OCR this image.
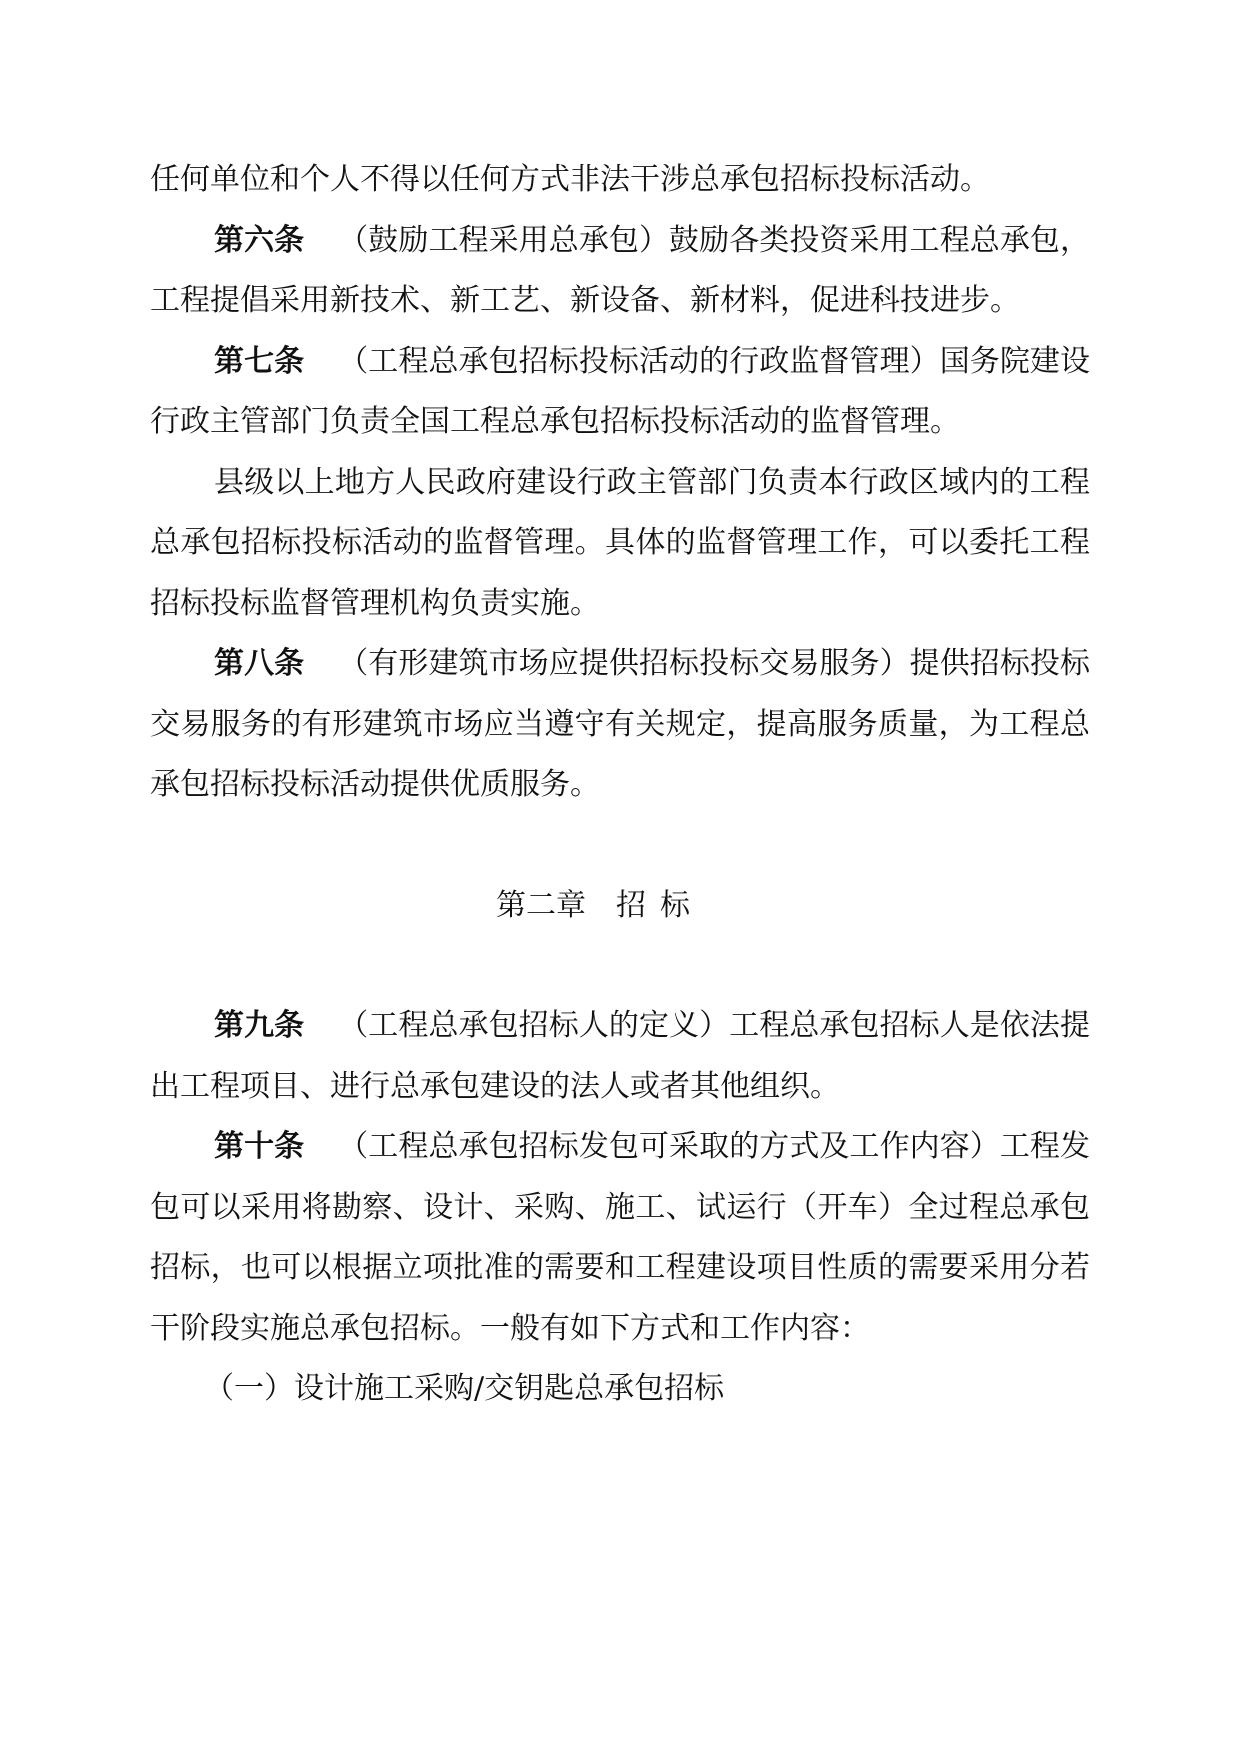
任何单位和个人不得以任何方式非法干涉总承包招标投标活动。

第六条 （鼓励工程采用总承包）鼓励各类投资采用工程总承包，工程提倡采用新技术、新工艺、新设备、新材料，促进科技进步。

第七条 （工程总承包招标投标活动的行政监督管理）国务院建设行政主管部门负责全国工程总承包招标投标活动的监督管理。

县级以上地方人民政府建设行政主管部门负责本行政区域内的工程总承包招标投标活动的监督管理。具体的监督管理工作，可以委托工程招标投标监督管理机构负责实施。

第八条 （有形建筑市场应提供招标投标交易服务）提供招标投标交易服务的有形建筑市场应当遵守有关规定，提高服务质量，为工程总承包招标投标活动提供优质服务。

第二章 招标

第九条 （工程总承包招标人的定义）工程总承包招标人是依法提出工程项目、进行总承包建设的法人或者其他组织。

第十条 （工程总承包招标发包可采取的方式及工作内容）工程发包可以采用将勘察、设计、采购、施工、试运行（开车）全过程总承包招标，也可以根据立项批准的需要和工程建设项目性质的需要采用分若干阶段实施总承包招标。一般有如下方式和工作内容：

（一）设计施工采购/交钥匙总承包招标
